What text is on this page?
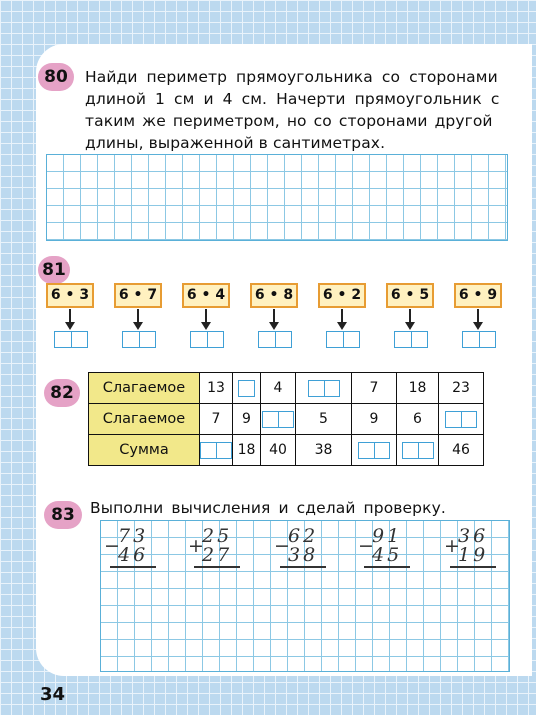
80	Найди периметр прямоугольника со сторонами
длиной 1 см и 4 см. Начерти прямоугольник с
таким же периметром, но со сторонами другой
длины, выраженной в сантиметрах.
81
6 • 3	6 • 7	6 • 4	6 • 8	6 • 2	6 • 5	6 • 9
82	Слагаемое	13		4		7	18	23
Слагаемое	7	9		5	9	6	
Сумма		18	40	38			46
83 Выполни вычисления и сделай проверку.
−
73
46 +
25
27 −
62
38 −
91
45 +
36
19
34
